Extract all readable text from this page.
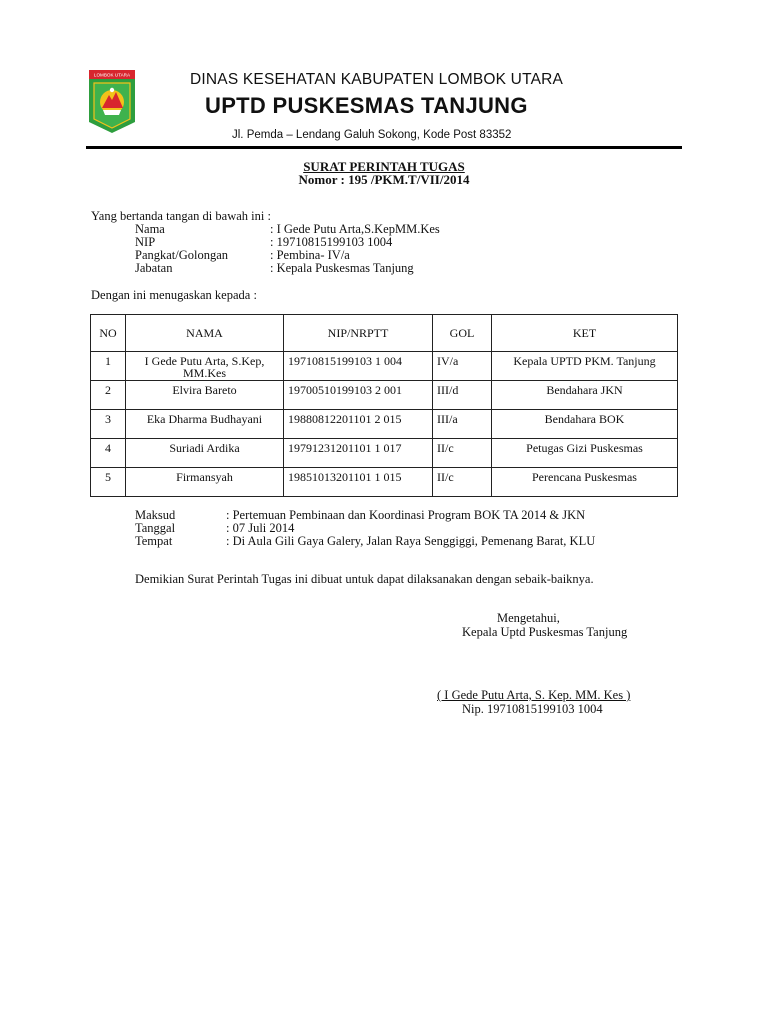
LOMBOK UTARA	DINAS KESEHATAN KABUPATEN LOMBOK UTARA
UPTD PUSKESMAS TANJUNG
Jl. Pemda – Lendang Galuh Sokong, Kode Post 83352
SURAT PERINTAH TUGAS
Nomor : 195 /PKM.T/VII/2014
Yang bertanda tangan di bawah ini :
Nama	: I Gede Putu Arta,S.KepMM.Kes
NIP	: 19710815199103 1004
Pangkat/Golongan	: Pembina- IV/a
Jabatan	: Kepala Puskesmas Tanjung
Dengan ini menugaskan kepada :
NO	NAMA	NIP/NRPTT	GOL	KET
1	I Gede Putu Arta, S.Kep, MM.Kes	19710815199103 1 004	IV/a	Kepala UPTD PKM. Tanjung
2	Elvira Bareto	19700510199103 2 001	III/d	Bendahara JKN
3	Eka Dharma Budhayani	19880812201101 2 015	III/a	Bendahara BOK
4	Suriadi Ardika	19791231201101 1 017	II/c	Petugas Gizi Puskesmas
5	Firmansyah	19851013201101 1 015	II/c	Perencana Puskesmas
Maksud	: Pertemuan Pembinaan dan Koordinasi Program BOK TA 2014 & JKN
Tanggal	: 07 Juli 2014
Tempat	: Di Aula Gili Gaya Galery, Jalan Raya Senggiggi, Pemenang Barat, KLU
Demikian Surat Perintah Tugas ini dibuat untuk dapat dilaksanakan dengan sebaik-baiknya.
Mengetahui,
Kepala Uptd Puskesmas Tanjung
( I Gede Putu Arta, S. Kep. MM. Kes )
Nip. 19710815199103 1004
